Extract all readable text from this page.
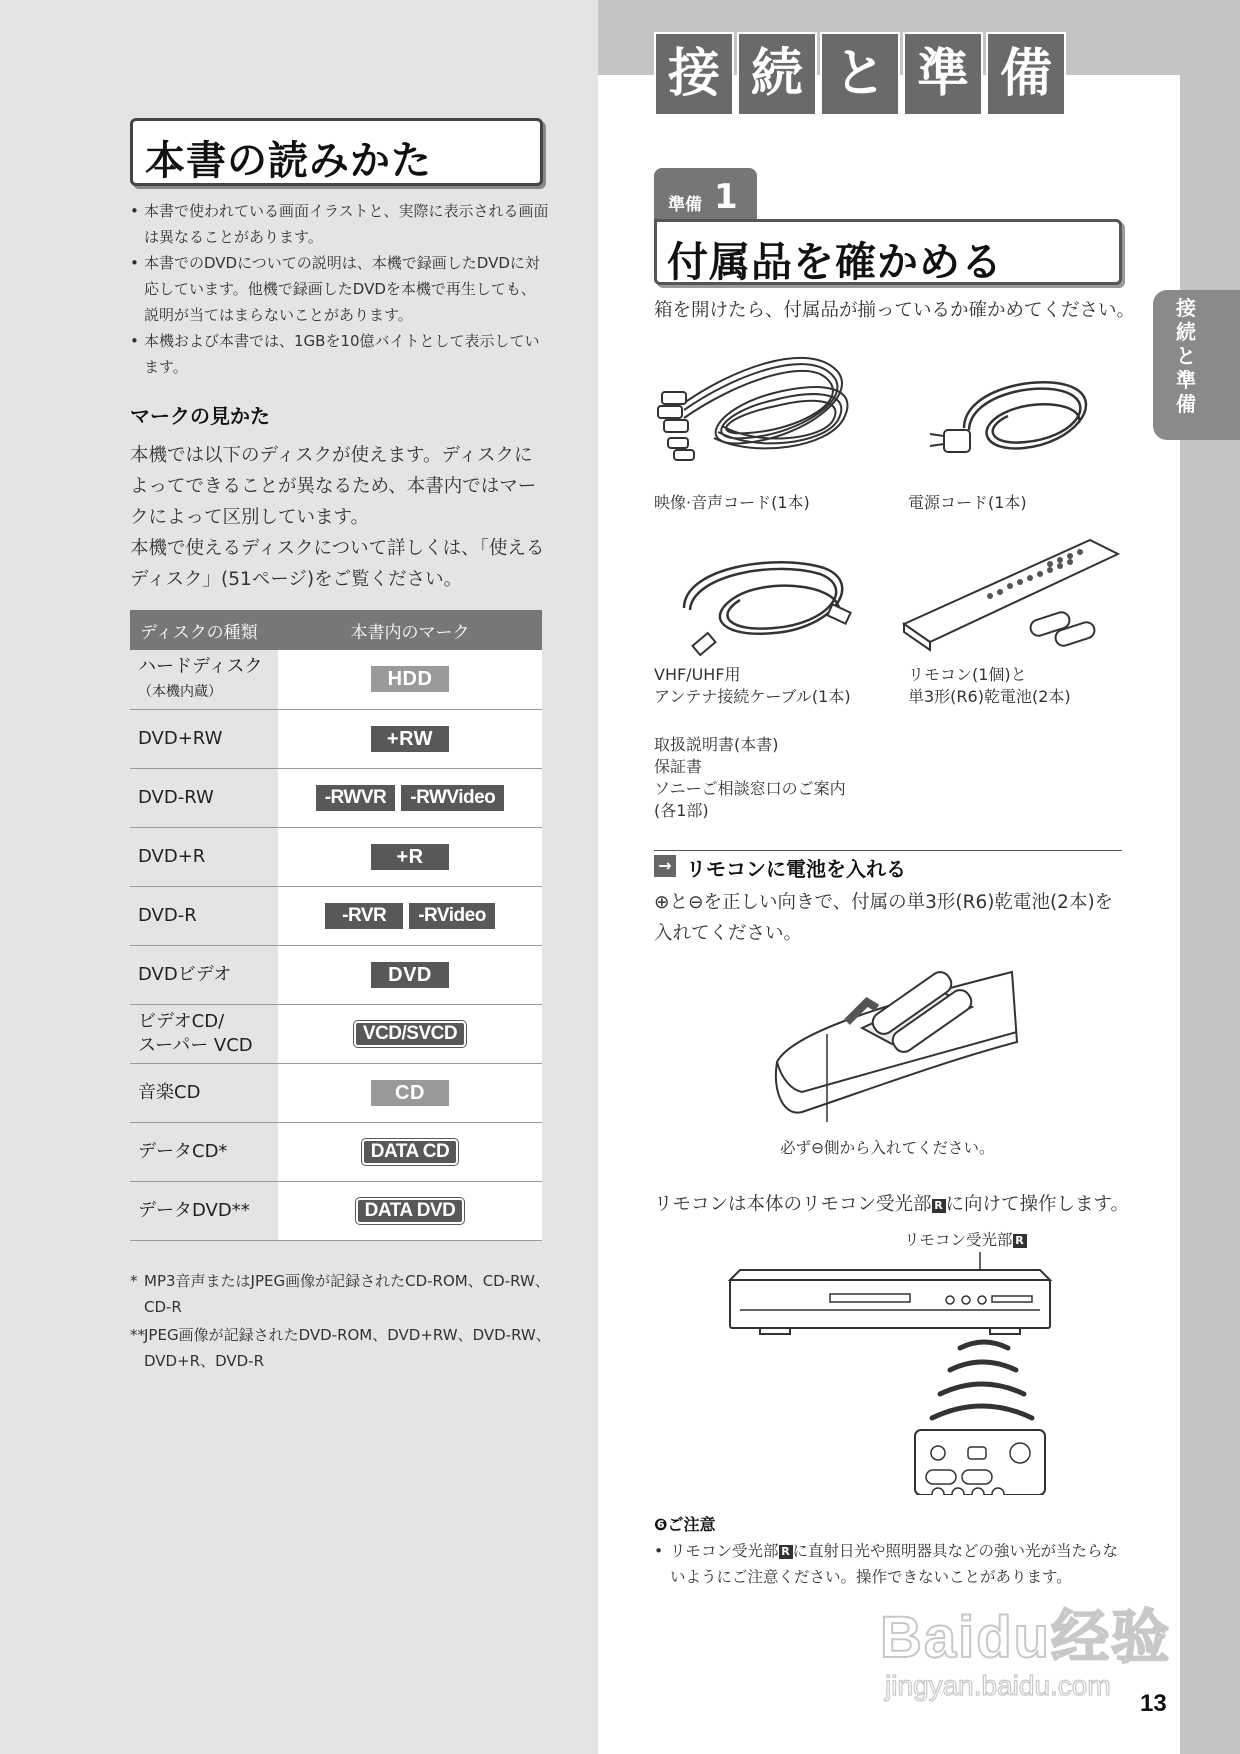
接続と準備
本書の読みかた
• 本書で使われている画面イラストと、実際に表示される画面は異なることがあります。
• 本書でのDVDについての説明は、本機で録画したDVDに対応しています。他機で録画したDVDを本機で再生しても、説明が当てはまらないことがあります。
• 本機および本書では、1GBを10億バイトとして表示しています。
マークの見かた

本機では以下のディスクが使えます。ディスクによってできることが異なるため、本書内ではマークによって区別しています。

本機で使えるディスクについて詳しくは、「使えるディスク」(51ページ)をご覧ください。

ディスクの種類	本書内のマーク
ハードディスク
（本機内蔵）	HDD
DVD+RW	+RW
DVD-RW	-RWVR -RWVideo
DVD+R	+R
DVD-R	-RVR -RVideo
DVDビデオ	DVD
ビデオCD/
スーパー VCD	VCD/SVCD
音楽CD	CD
データCD*	DATA CD
データDVD**	DATA DVD

* MP3音声またはJPEG画像が記録されたCD-ROM、CD-RW、CD-R

** JPEG画像が記録されたDVD-ROM、DVD+RW、DVD-RW、DVD+R、DVD-R

接 続 と 準 備
準備 1
付属品を確かめる
箱を開けたら、付属品が揃っているか確かめてください。
映像·音声コード(1本)	電源コード(1本)
VHF/UHF用
アンテナ接続ケーブル(1本)
リモコン(1個)と
単3形(R6)乾電池(2本)
取扱説明書(本書)
保証書
ソニーご相談窓口のご案内
(各1部)
→ リモコンに電池を入れる
⊕と⊖を正しい向きで、付属の単3形(R6)乾電池(2本)を入れてください。
必ず⊖側から入れてください。
リモコンは本体のリモコン受光部 R に向けて操作します。
リモコン受光部 R
❻ご注意

• リモコン受光部 R に直射日光や照明器具などの強い光が当たらないようにご注意ください。操作できないことがあります。

Baidu经验
jingyan.baidu.com
13
